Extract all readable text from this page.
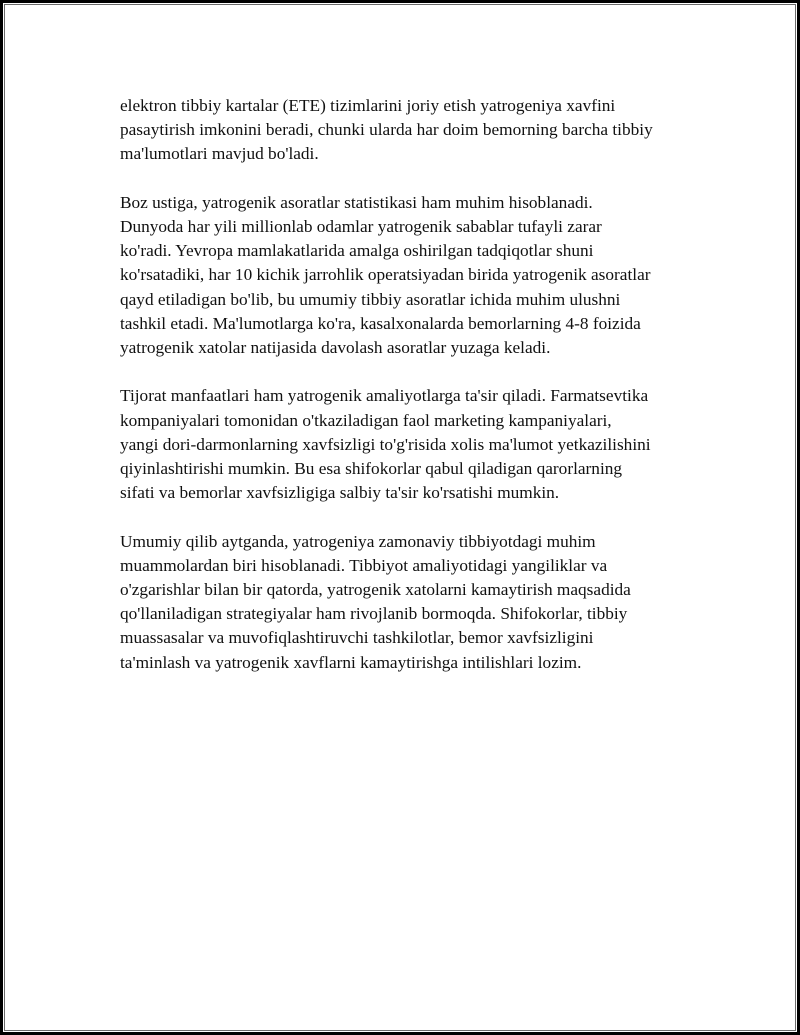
elektron tibbiy kartalar (ETE) tizimlarini joriy etish yatrogeniya xavfini
pasaytirish imkonini beradi, chunki ularda har doim bemorning barcha tibbiy
ma'lumotlari mavjud bo'ladi.

Boz ustiga, yatrogenik asoratlar statistikasi ham muhim hisoblanadi.
Dunyoda har yili millionlab odamlar yatrogenik sabablar tufayli zarar
ko'radi. Yevropa mamlakatlarida amalga oshirilgan tadqiqotlar shuni
ko'rsatadiki, har 10 kichik jarrohlik operatsiyadan birida yatrogenik asoratlar
qayd etiladigan bo'lib, bu umumiy tibbiy asoratlar ichida muhim ulushni
tashkil etadi. Ma'lumotlarga ko'ra, kasalxonalarda bemorlarning 4-8 foizida
yatrogenik xatolar natijasida davolash asoratlar yuzaga keladi.

Tijorat manfaatlari ham yatrogenik amaliyotlarga ta'sir qiladi. Farmatsevtika
kompaniyalari tomonidan o'tkaziladigan faol marketing kampaniyalari,
yangi dori-darmonlarning xavfsizligi to'g'risida xolis ma'lumot yetkazilishini
qiyinlashtirishi mumkin. Bu esa shifokorlar qabul qiladigan qarorlarning
sifati va bemorlar xavfsizligiga salbiy ta'sir ko'rsatishi mumkin.

Umumiy qilib aytganda, yatrogeniya zamonaviy tibbiyotdagi muhim
muammolardan biri hisoblanadi. Tibbiyot amaliyotidagi yangiliklar va
o'zgarishlar bilan bir qatorda, yatrogenik xatolarni kamaytirish maqsadida
qo'llaniladigan strategiyalar ham rivojlanib bormoqda. Shifokorlar, tibbiy
muassasalar va muvofiqlashtiruvchi tashkilotlar, bemor xavfsizligini
ta'minlash va yatrogenik xavflarni kamaytirishga intilishlari lozim.
